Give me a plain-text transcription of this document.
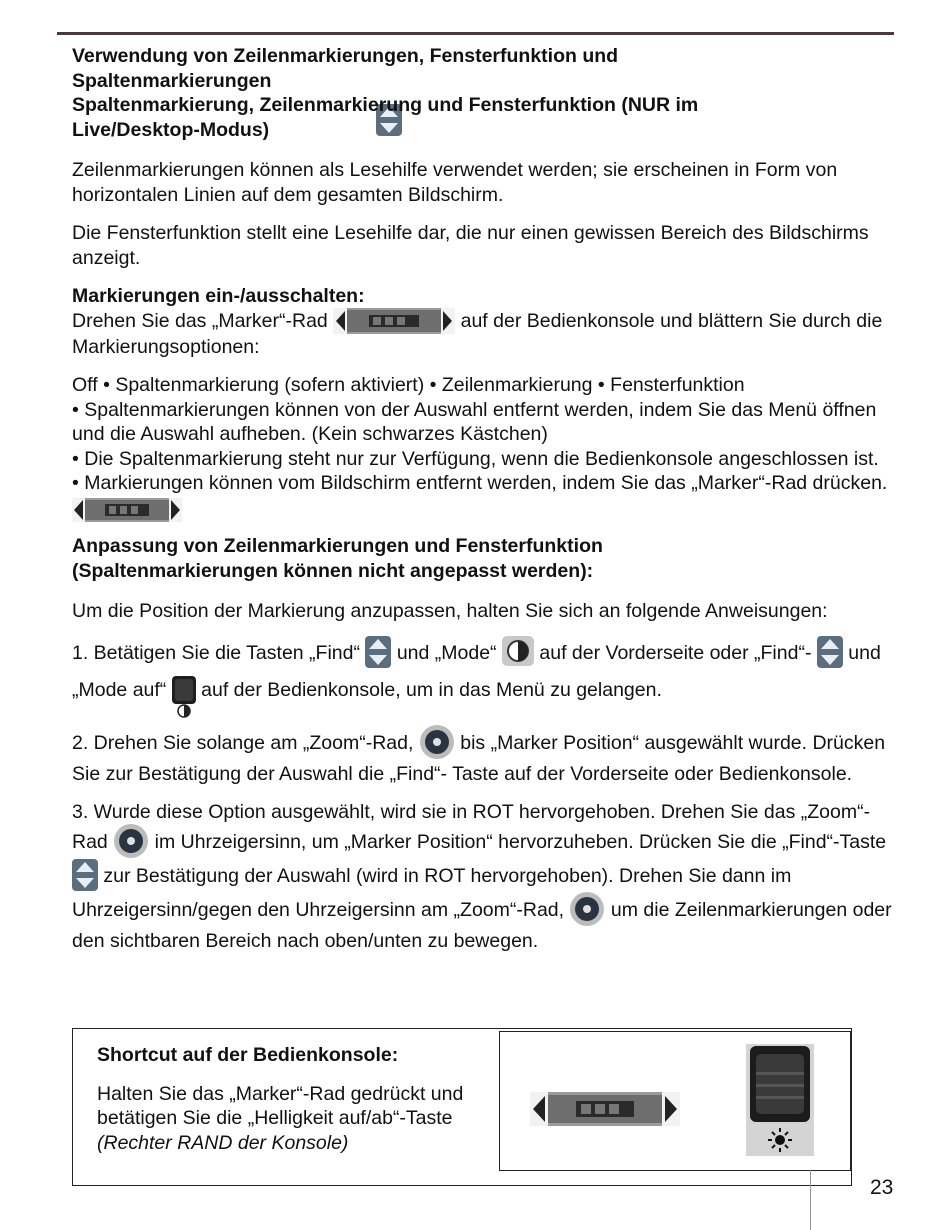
Verwendung von Zeilenmarkierungen, Fensterfunktion und
Spaltenmarkierungen
Spaltenmarkierung, Zeilenmarkierung und Fensterfunktion (NUR im
Live/Desktop-Modus)

Zeilenmarkierungen können als Lesehilfe verwendet werden; sie erscheinen in Form von horizontalen Linien auf dem gesamten Bildschirm.

Die Fensterfunktion stellt eine Lesehilfe dar, die nur einen gewissen Bereich des Bildschirms anzeigt.

Markierungen ein-/ausschalten:

Drehen Sie das „Marker“-Rad	auf der Bedienkonsole und blättern Sie durch die Markierungsoptionen:

Off • Spaltenmarkierung (sofern aktiviert) • Zeilenmarkierung • Fensterfunktion
• Spaltenmarkierungen können von der Auswahl entfernt werden, indem Sie das Menü öffnen und die Auswahl aufheben. (Kein schwarzes Kästchen)
• Die Spaltenmarkierung steht nur zur Verfügung, wenn die Bedienkonsole angeschlossen ist.
• Markierungen können vom Bildschirm entfernt werden, indem Sie das „Marker“-Rad drücken.
Anpassung von Zeilenmarkierungen und Fensterfunktion
(Spaltenmarkierungen können nicht angepasst werden):

Um die Position der Markierung anzupassen, halten Sie sich an folgende Anweisungen:

1. Betätigen Sie die Tasten „Find“ und „Mode“ auf der Vorderseite oder „Find“- und „Mode auf“ auf der Bedienkonsole, um in das Menü zu gelangen.

2. Drehen Sie solange am „Zoom“-Rad, bis „Marker Position“ ausgewählt wurde. Drücken Sie zur Bestätigung der Auswahl die „Find“- Taste auf der Vorderseite oder Bedienkonsole.

3. Wurde diese Option ausgewählt, wird sie in ROT hervorgehoben. Drehen Sie das „Zoom“-Rad im Uhrzeigersinn, um „Marker Position“ hervorzuheben. Drücken Sie die „Find“-Taste
zur Bestätigung der Auswahl (wird in ROT hervorgehoben). Drehen Sie dann im Uhrzeigersinn/gegen den Uhrzeigersinn am „Zoom“-Rad, um die Zeilenmarkierungen oder den sichtbaren Bereich nach oben/unten zu bewegen.

Shortcut auf der Bedienkonsole:
Halten Sie das „Marker“-Rad gedrückt und betätigen Sie die „Helligkeit auf/ab“-Taste
(Rechter RAND der Konsole)
23
